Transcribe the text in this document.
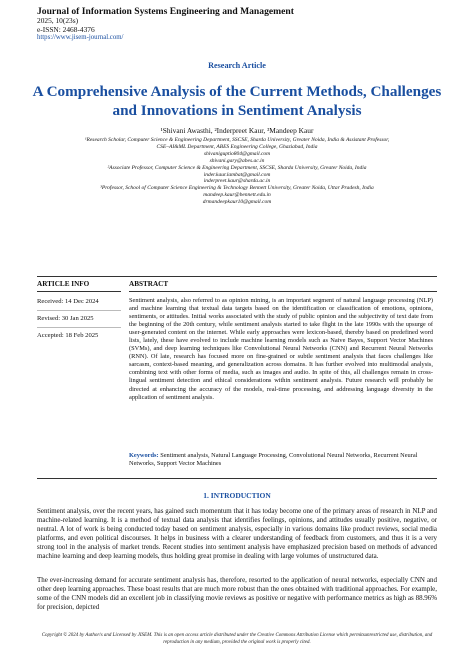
Journal of Information Systems Engineering and Management
2025, 10(23s)
e-ISSN: 2468-4376
https://www.jisem-journal.com/
Research Article
A Comprehensive Analysis of the Current Methods, Challenges and Innovations in Sentiment Analysis
¹Shivani Awasthi, ²Inderpreet Kaur, ³Mandeep Kaur
¹Research Scholar, Computer Science & Engineering Department, SSCSE, Sharda University, Greater Noida, India & Assistant Professor,
CSE–AI&ML Department, ABES Engineering College, Ghaziabad, India
shivaniguptio804@gmail.com
shivani.gary@abes.ac.in
²Associate Professor, Computer Science & Engineering Department, SSCSE, Sharda University, Greater Noida, India
inder.kaur.lambat@gmail.com
inderpreet.kaur@sharda.ac.in
³Professor, School of Computer Science Engineering & Technology Bennett University, Greater Noida, Uttar Pradesh, India
mandeep.kaur@bennett.edu.in
drmandeepkaur10@gmail.com
ARTICLE INFO	ABSTRACT
Received: 14 Dec 2024
Revised: 30 Jan 2025
Accepted: 18 Feb 2025
Sentiment analysis, also referred to as opinion mining, is an important segment of natural language processing (NLP) and machine learning that textual data targets based on the identification or classification of emotions, opinions, sentiments, or attitudes. Initial works associated with the study of public opinion and the subjectivity of text date from the beginning of the 20th century, while sentiment analysis started to take flight in the late 1990s with the upsurge of user-generated content on the internet. While early approaches were lexicon-based, thereby based on predefined word lists, lately, these have evolved to include machine learning models such as Naive Bayes, Support Vector Machines (SVMs), and deep learning techniques like Convolutional Neural Networks (CNN) and Recurrent Neural Networks (RNN). Of late, research has focused more on fine-grained or subtle sentiment analysis that faces challenges like sarcasm, context-based meaning, and generalization across domains. It has further evolved into multimodal analysis, combining text with other forms of media, such as images and audio. In spite of this, all challenges remain in cross-lingual sentiment detection and ethical considerations within sentiment analysis. Future research will probably be directed at enhancing the accuracy of the models, real-time processing, and addressing language diversity in the application of sentiment analysis.
Keywords: Sentiment analysis, Natural Language Processing, Convolutional Neural Networks, Recurrent Neural Networks, Support Vector Machines
1. INTRODUCTION
Sentiment analysis, over the recent years, has gained such momentum that it has today become one of the primary areas of research in NLP and machine-related learning. It is a method of textual data analysis that identifies feelings, opinions, and attitudes usually positive, negative, or neutral. A lot of work is being conducted today based on sentiment analysis, especially in various domains like product reviews, social media platforms, and even political discourses. It helps in business with a clearer understanding of feedback from customers, and thus it is a very strong tool in the analysis of market trends. Recent studies into sentiment analysis have emphasized precision based on methods of advanced machine learning and deep learning models, thus holding great promise in dealing with large volumes of unstructured data.
The ever-increasing demand for accurate sentiment analysis has, therefore, resorted to the application of neural networks, especially CNN and other deep learning approaches. These boast results that are much more robust than the ones obtained with traditional approaches. For example, some of the CNN models did an excellent job in classifying movie reviews as positive or negative with performance metrics as high as 88.96% for precision, depicted
Copyright © 2024 by Author/s and Licensed by JISEM. This is an open access article distributed under the Creative Commons Attribution License which permitsunrestricted use, distribution, and reproduction in any medium, provided the original work is properly cited.
